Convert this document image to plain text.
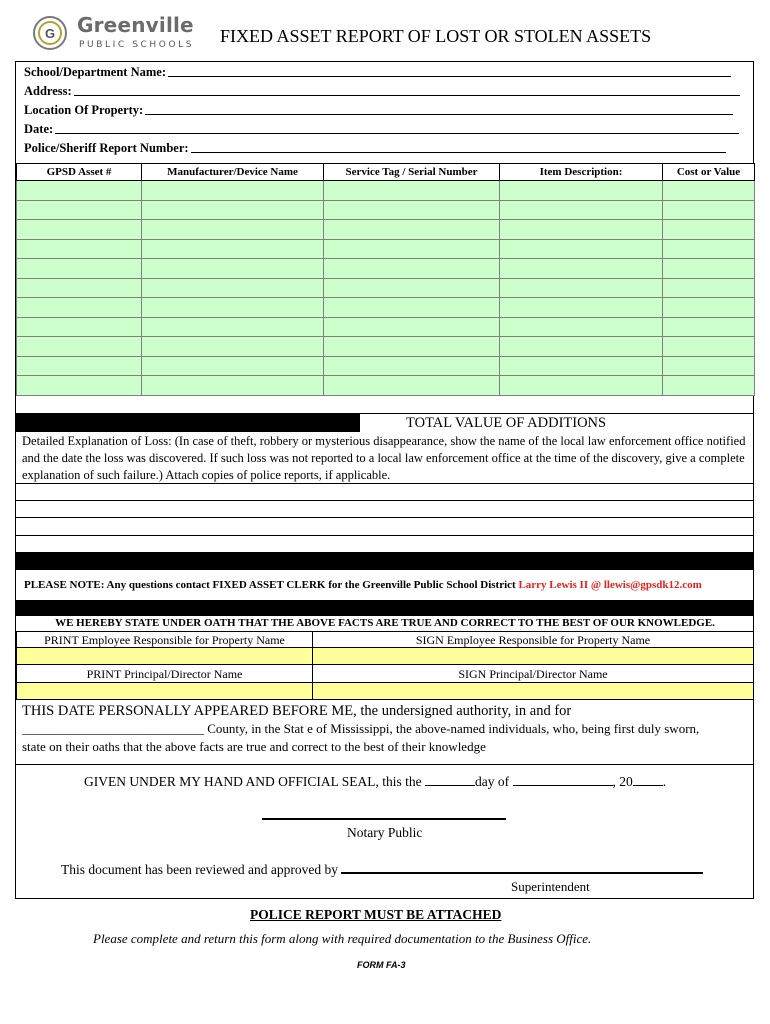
G	Greenville
PUBLIC SCHOOLS FIXED ASSET REPORT OF LOST OR STOLEN ASSETS
School/Department Name:
Address:
Location Of Property:
Date:
Police/Sheriff Report Number:
GPSD Asset #	Manufacturer/Device Name	Service Tag / Serial Number	Item Description:	Cost or Value

TOTAL VALUE OF ADDITIONS
Detailed Explanation of Loss: (In case of theft, robbery or mysterious disappearance, show the name of the local law enforcement office notified and the date the loss was discovered. If such loss was not reported to a local law enforcement office at the time of the discovery, give a complete explanation of such failure.) Attach copies of police reports, if applicable.
PLEASE NOTE: Any questions contact FIXED ASSET CLERK for the Greenville Public School District Larry Lewis II @ llewis@gpsdk12.com
WE HEREBY STATE UNDER OATH THAT THE ABOVE FACTS ARE TRUE AND CORRECT TO THE BEST OF OUR KNOWLEDGE.
PRINT Employee Responsible for Property Name	SIGN Employee Responsible for Property Name
PRINT Principal/Director Name	SIGN Principal/Director Name
THIS DATE PERSONALLY APPEARED BEFORE ME, the undersigned authority, in and for
____________________________ County, in the Stat e of Mississippi, the above-named individuals, who, being first duly sworn,
state on their oaths that the above facts are true and correct to the best of their knowledge
GIVEN UNDER MY HAND AND OFFICIAL SEAL, this the	day of	, 20 .
Notary Public
This document has been reviewed and approved by
Superintendent
POLICE REPORT MUST BE ATTACHED
Please complete and return this form along with required documentation to the Business Office.
FORM FA-3
